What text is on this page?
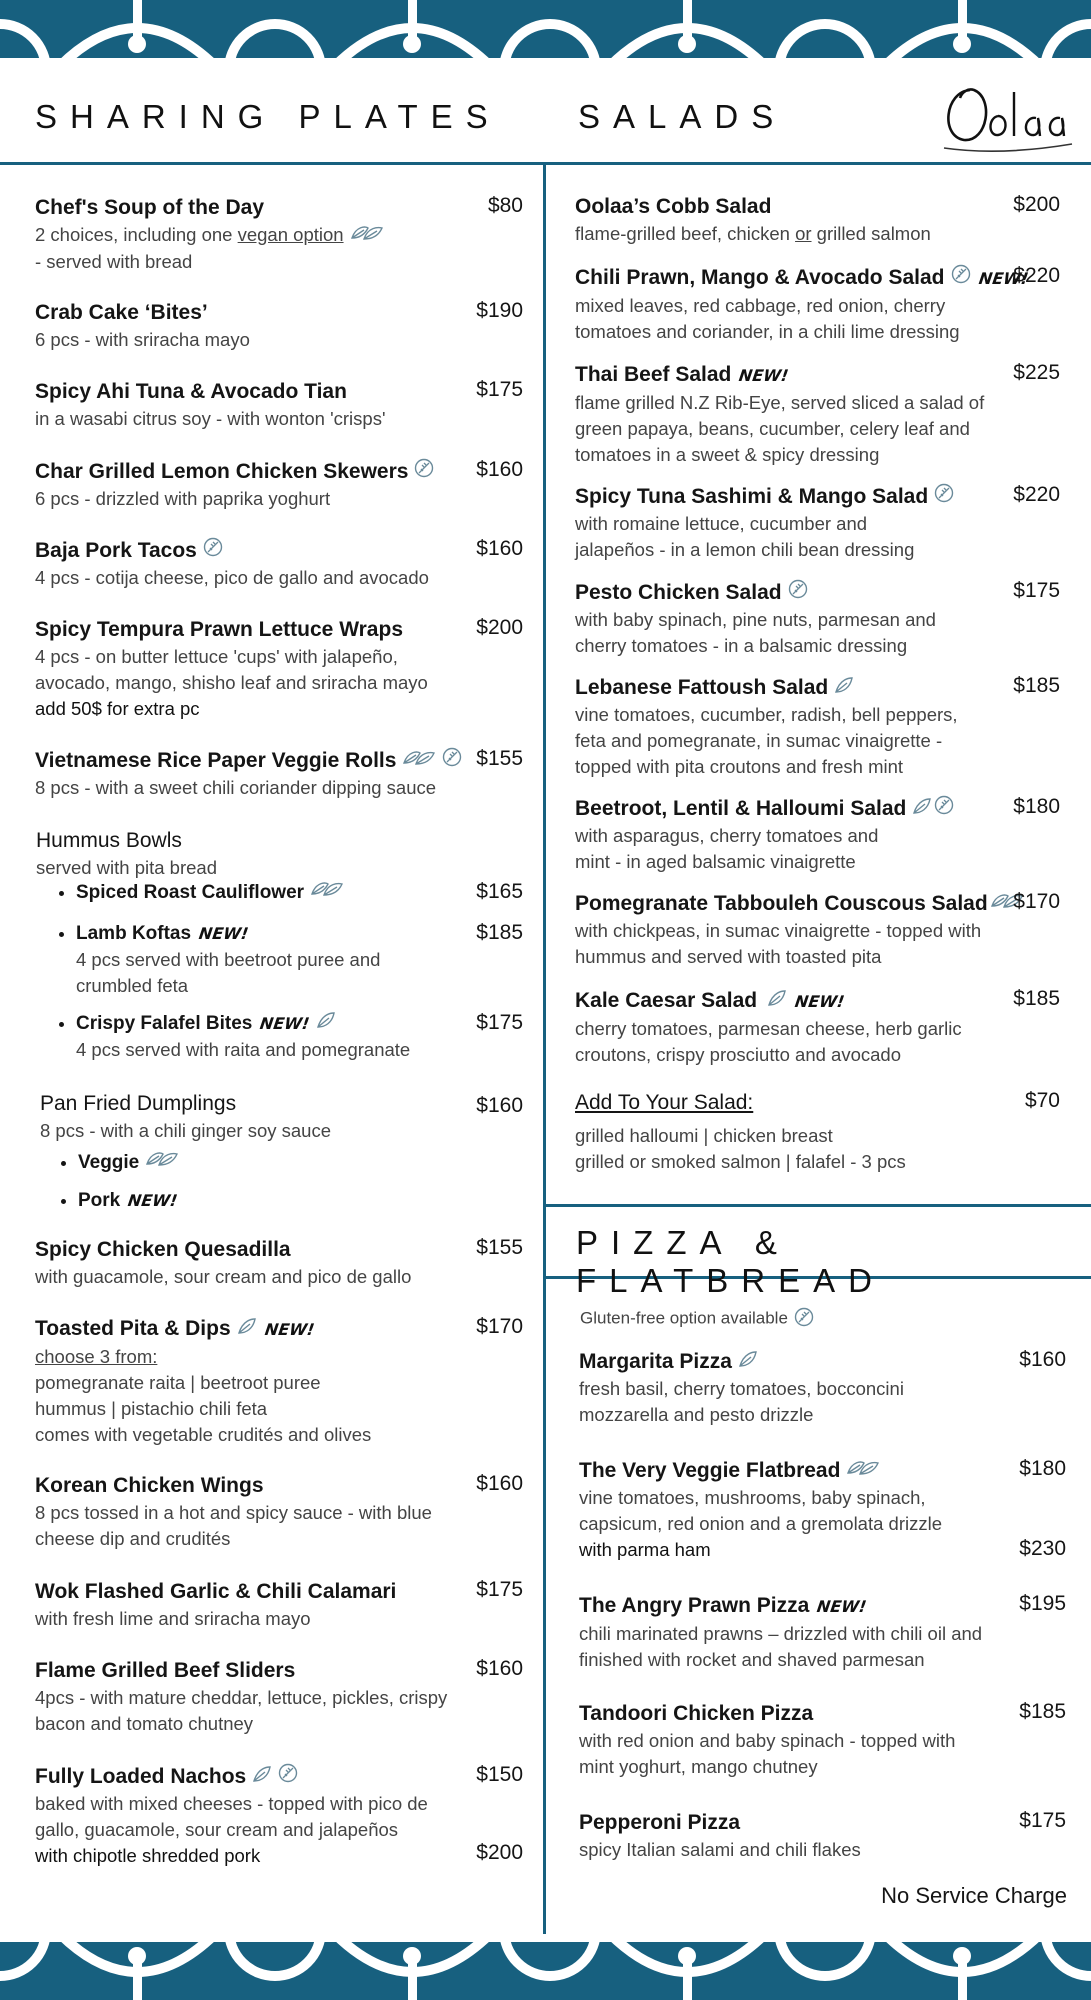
SHARING PLATES SALADS
PIZZA & FLATBREAD
Oolaa
Chef's Soup of the Day
2 choices, including one vegan option
- served with bread
$80
Crab Cake ‘Bites’
6 pcs - with sriracha mayo
$190
Spicy Ahi Tuna & Avocado Tian
in a wasabi citrus soy - with wonton 'crisps'
$175
Char Grilled Lemon Chicken Skewers
6 pcs - drizzled with paprika yoghurt
$160
Baja Pork Tacos
4 pcs - cotija cheese, pico de gallo and avocado
$160
Spicy Tempura Prawn Lettuce Wraps
4 pcs - on butter lettuce 'cups' with jalapeño, avocado, mango, shisho leaf and sriracha mayo
add 50$ for extra pc
$200
Vietnamese Rice Paper Veggie Rolls
8 pcs - with a sweet chili coriander dipping sauce
$155
Hummus Bowls
served with pita bread
• Spiced Roast Cauliflower	$165
• Lamb Koftas NEW!
4 pcs served with beetroot puree and crumbled feta
$185
• Crispy Falafel Bites NEW!
4 pcs served with raita and pomegranate
$175
Pan Fried Dumplings
8 pcs - with a chili ginger soy sauce
• Veggie
• Pork NEW!
$160
Spicy Chicken Quesadilla
with guacamole, sour cream and pico de gallo
$155
Toasted Pita & Dips NEW!
choose 3 from:
pomegranate raita | beetroot puree
hummus | pistachio chili feta
comes with vegetable crudités and olives
$170
Korean Chicken Wings
8 pcs tossed in a hot and spicy sauce - with blue cheese dip and crudités
$160
Wok Flashed Garlic & Chili Calamari
with fresh lime and sriracha mayo
$175
Flame Grilled Beef Sliders
4pcs - with mature cheddar, lettuce, pickles, crispy bacon and tomato chutney
$160
Fully Loaded Nachos
baked with mixed cheeses - topped with pico de gallo, guacamole, sour cream and jalapeños
with chipotle shredded pork
$150
$200
Oolaa’s Cobb Salad
flame-grilled beef, chicken or grilled salmon
$200
Chili Prawn, Mango & Avocado Salad NEW!
mixed leaves, red cabbage, red onion, cherry tomatoes and coriander, in a chili lime dressing
$220
Thai Beef Salad NEW!
flame grilled N.Z Rib-Eye, served sliced a salad of green papaya, beans, cucumber, celery leaf and tomatoes in a sweet & spicy dressing
$225
Spicy Tuna Sashimi & Mango Salad
with romaine lettuce, cucumber and jalapeños - in a lemon chili bean dressing
$220
Pesto Chicken Salad
with baby spinach, pine nuts, parmesan and cherry tomatoes - in a balsamic dressing
$175
Lebanese Fattoush Salad
vine tomatoes, cucumber, radish, bell peppers, feta and pomegranate, in sumac vinaigrette - topped with pita croutons and fresh mint
$185
Beetroot, Lentil & Halloumi Salad
with asparagus, cherry tomatoes and mint - in aged balsamic vinaigrette
$180
Pomegranate Tabbouleh Couscous Salad
with chickpeas, in sumac vinaigrette - topped with hummus and served with toasted pita
$170
Kale Caesar Salad NEW!
cherry tomatoes, parmesan cheese, herb garlic croutons, crispy prosciutto and avocado
$185
Add To Your Salad:
grilled halloumi | chicken breast
grilled or smoked salmon | falafel - 3 pcs
$70
Gluten-free option available
Margarita Pizza
fresh basil, cherry tomatoes, bocconcini mozzarella and pesto drizzle
$160
The Very Veggie Flatbread
vine tomatoes, mushrooms, baby spinach, capsicum, red onion and a gremolata drizzle
with parma ham
$180
$230
The Angry Prawn Pizza NEW!
chili marinated prawns – drizzled with chili oil and finished with rocket and shaved parmesan
$195
Tandoori Chicken Pizza
with red onion and baby spinach - topped with mint yoghurt, mango chutney
$185
Pepperoni Pizza
spicy Italian salami and chili flakes
$175
No Service Charge
